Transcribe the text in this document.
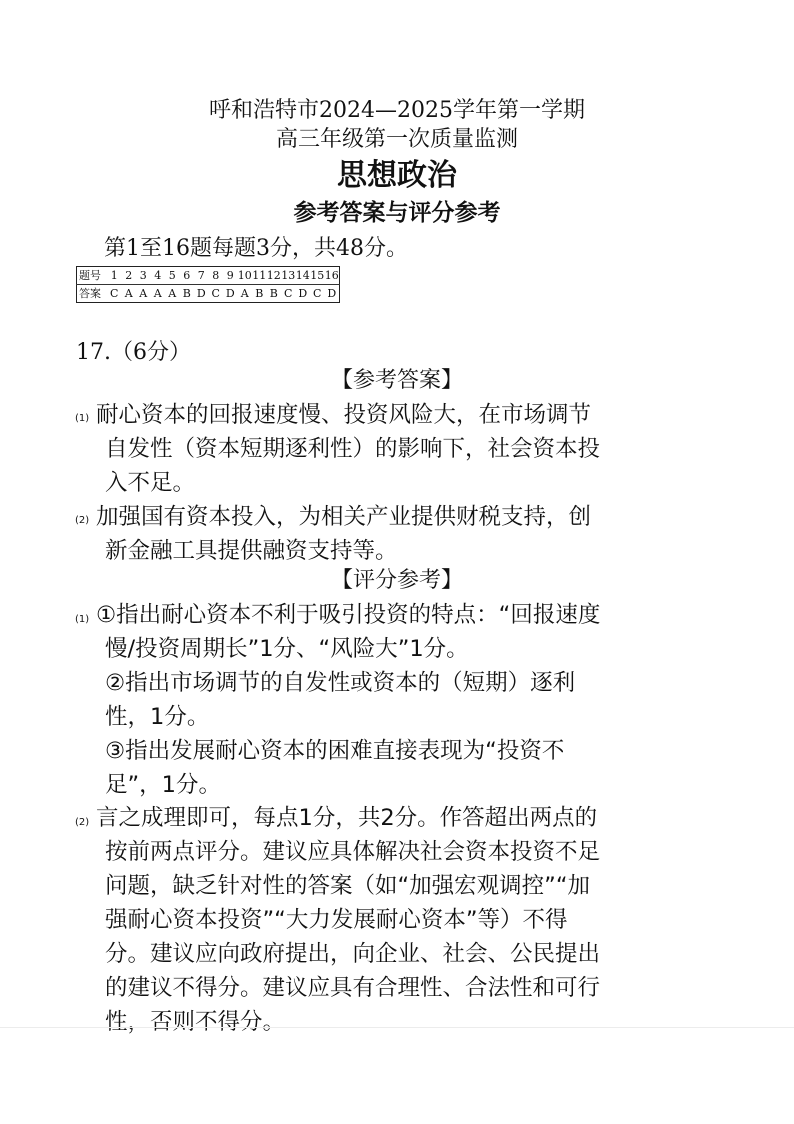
呼和浩特市2024—2025学年第一学期
高三年级第一次质量监测
思想政治
参考答案与评分参考
第1至16题每题3分，共48分。
题号	1	2	3	4	5	6	7	8	9	10	11	12	13	14	15	16
答案	C	A	A	A	A	B	D	C	D	A	B	B	C	D	C	D
17.（6分）
【参考答案】
(1) 耐心资本的回报速度慢、投资风险大，在市场调节
自发性（资本短期逐利性）的影响下，社会资本投
入不足。
(2) 加强国有资本投入，为相关产业提供财税支持，创
新金融工具提供融资支持等。
【评分参考】
(1) ①指出耐心资本不利于吸引投资的特点：“回报速度
慢/投资周期长”1分、“风险大”1分。
②指出市场调节的自发性或资本的（短期）逐利
性，1分。
③指出发展耐心资本的困难直接表现为“投资不
足”，1分。
(2) 言之成理即可，每点1分，共2分。作答超出两点的
按前两点评分。建议应具体解决社会资本投资不足
问题，缺乏针对性的答案（如“加强宏观调控”“加
强耐心资本投资”“大力发展耐心资本”等）不得
分。建议应向政府提出，向企业、社会、公民提出
的建议不得分。建议应具有合理性、合法性和可行
性，否则不得分。
